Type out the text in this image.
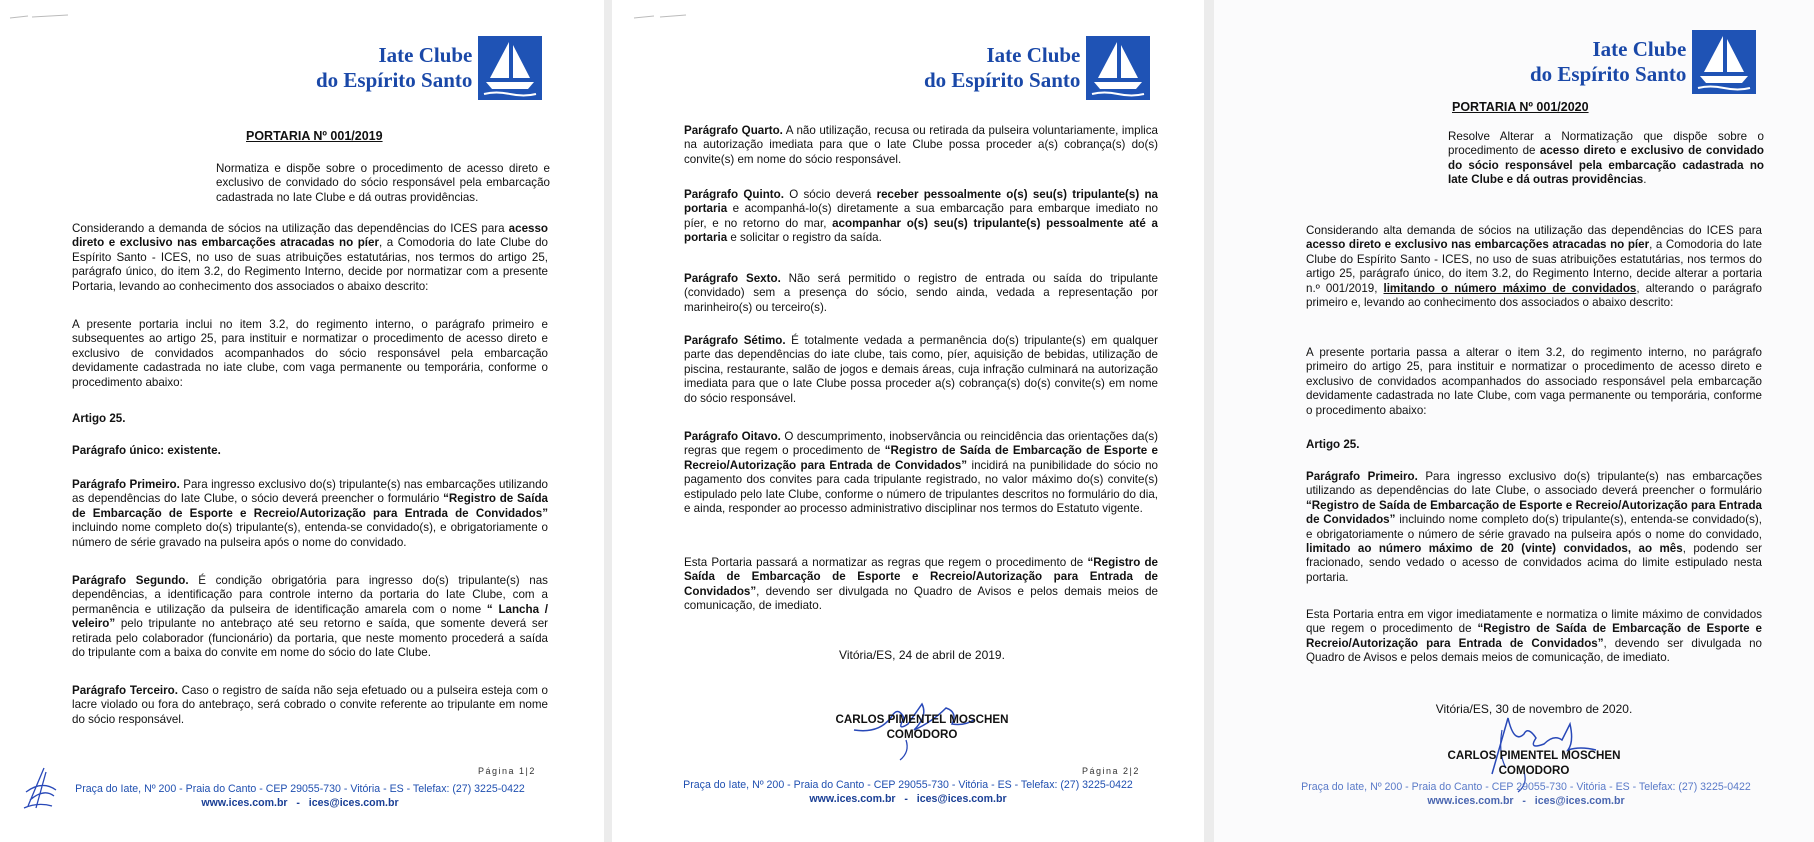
Iate Clube
do Espírito Santo
PORTARIA Nº 001/2019
Normatiza e dispõe sobre o procedimento de acesso direto e exclusivo de convidado do sócio responsável pela embarcação cadastrada no Iate Clube e dá outras providências.
Considerando a demanda de sócios na utilização das dependências do ICES para acesso direto e exclusivo nas embarcações atracadas no píer, a Comodoria do Iate Clube do Espírito Santo - ICES, no uso de suas atribuições estatutárias, nos termos do artigo 25, parágrafo único, do item 3.2, do Regimento Interno, decide por normatizar com a presente Portaria, levando ao conhecimento dos associados o abaixo descrito:
A presente portaria inclui no item 3.2, do regimento interno, o parágrafo primeiro e subsequentes ao artigo 25, para instituir e normatizar o procedimento de acesso direto e exclusivo de convidados acompanhados do sócio responsável pela embarcação devidamente cadastrada no iate clube, com vaga permanente ou temporária, conforme o procedimento abaixo:
Artigo 25.
Parágrafo único: existente.
Parágrafo Primeiro. Para ingresso exclusivo do(s) tripulante(s) nas embarcações utilizando as dependências do Iate Clube, o sócio deverá preencher o formulário “Registro de Saída de Embarcação de Esporte e Recreio/Autorização para Entrada de Convidados” incluindo nome completo do(s) tripulante(s), entenda-se convidado(s), e obrigatoriamente o número de série gravado na pulseira após o nome do convidado.
Parágrafo Segundo. É condição obrigatória para ingresso do(s) tripulante(s) nas dependências, a identificação para controle interno da portaria do Iate Clube, com a permanência e utilização da pulseira de identificação amarela com o nome “ Lancha / veleiro” pelo tripulante no antebraço até seu retorno e saída, que somente deverá ser retirada pelo colaborador (funcionário) da portaria, que neste momento procederá a saída do tripulante com a baixa do convite em nome do sócio do Iate Clube.
Parágrafo Terceiro. Caso o registro de saída não seja efetuado ou a pulseira esteja com o lacre violado ou fora do antebraço, será cobrado o convite referente ao tripulante em nome do sócio responsável.
Página 1|2
Praça do Iate, Nº 200 - Praia do Canto - CEP 29055-730 - Vitória - ES - Telefax: (27) 3225-0422
www.ices.com.br - ices@ices.com.br
Iate Clube
do Espírito Santo
Parágrafo Quarto. A não utilização, recusa ou retirada da pulseira voluntariamente, implica na autorização imediata para que o Iate Clube possa proceder a(s) cobrança(s) do(s) convite(s) em nome do sócio responsável.
Parágrafo Quinto. O sócio deverá receber pessoalmente o(s) seu(s) tripulante(s) na portaria e acompanhá-lo(s) diretamente a sua embarcação para embarque imediato no píer, e no retorno do mar, acompanhar o(s) seu(s) tripulante(s) pessoalmente até a portaria e solicitar o registro da saída.
Parágrafo Sexto. Não será permitido o registro de entrada ou saída do tripulante (convidado) sem a presença do sócio, sendo ainda, vedada a representação por marinheiro(s) ou terceiro(s).
Parágrafo Sétimo. É totalmente vedada a permanência do(s) tripulante(s) em qualquer parte das dependências do iate clube, tais como, píer, aquisição de bebidas, utilização de piscina, restaurante, salão de jogos e demais áreas, cuja infração culminará na autorização imediata para que o Iate Clube possa proceder a(s) cobrança(s) do(s) convite(s) em nome do sócio responsável.
Parágrafo Oitavo. O descumprimento, inobservância ou reincidência das orientações da(s) regras que regem o procedimento de “Registro de Saída de Embarcação de Esporte e Recreio/Autorização para Entrada de Convidados” incidirá na punibilidade do sócio no pagamento dos convites para cada tripulante registrado, no valor máximo do(s) convite(s) estipulado pelo Iate Clube, conforme o número de tripulantes descritos no formulário do dia, e ainda, responder ao processo administrativo disciplinar nos termos do Estatuto vigente.
Esta Portaria passará a normatizar as regras que regem o procedimento de “Registro de Saída de Embarcação de Esporte e Recreio/Autorização para Entrada de Convidados”, devendo ser divulgada no Quadro de Avisos e pelos demais meios de comunicação, de imediato.
Vitória/ES, 24 de abril de 2019.
CARLOS PIMENTEL MOSCHEN
COMODORO
Página 2|2
Praça do Iate, Nº 200 - Praia do Canto - CEP 29055-730 - Vitória - ES - Telefax: (27) 3225-0422
www.ices.com.br - ices@ices.com.br
Iate Clube
do Espírito Santo
PORTARIA Nº 001/2020
Resolve Alterar a Normatização que dispõe sobre o procedimento de acesso direto e exclusivo de convidado do sócio responsável pela embarcação cadastrada no Iate Clube e dá outras providências.
Considerando alta demanda de sócios na utilização das dependências do ICES para acesso direto e exclusivo nas embarcações atracadas no píer, a Comodoria do Iate Clube do Espírito Santo - ICES, no uso de suas atribuições estatutárias, nos termos do artigo 25, parágrafo único, do item 3.2, do Regimento Interno, decide alterar a portaria n.º 001/2019, limitando o número máximo de convidados, alterando o parágrafo primeiro e, levando ao conhecimento dos associados o abaixo descrito:
A presente portaria passa a alterar o item 3.2, do regimento interno, no parágrafo primeiro do artigo 25, para instituir e normatizar o procedimento de acesso direto e exclusivo de convidados acompanhados do associado responsável pela embarcação devidamente cadastrada no Iate Clube, com vaga permanente ou temporária, conforme o procedimento abaixo:
Artigo 25.
Parágrafo Primeiro. Para ingresso exclusivo do(s) tripulante(s) nas embarcações utilizando as dependências do Iate Clube, o associado deverá preencher o formulário “Registro de Saída de Embarcação de Esporte e Recreio/Autorização para Entrada de Convidados” incluindo nome completo do(s) tripulante(s), entenda-se convidado(s), e obrigatoriamente o número de série gravado na pulseira após o nome do convidado, limitado ao número máximo de 20 (vinte) convidados, ao mês, podendo ser fracionado, sendo vedado o acesso de convidados acima do limite estipulado nesta portaria.
Esta Portaria entra em vigor imediatamente e normatiza o limite máximo de convidados que regem o procedimento de “Registro de Saída de Embarcação de Esporte e Recreio/Autorização para Entrada de Convidados”, devendo ser divulgada no Quadro de Avisos e pelos demais meios de comunicação, de imediato.
Vitória/ES, 30 de novembro de 2020.
CARLOS PIMENTEL MOSCHEN
COMODORO
Praça do Iate, Nº 200 - Praia do Canto - CEP 29055-730 - Vitória - ES - Telefax: (27) 3225-0422
www.ices.com.br - ices@ices.com.br
